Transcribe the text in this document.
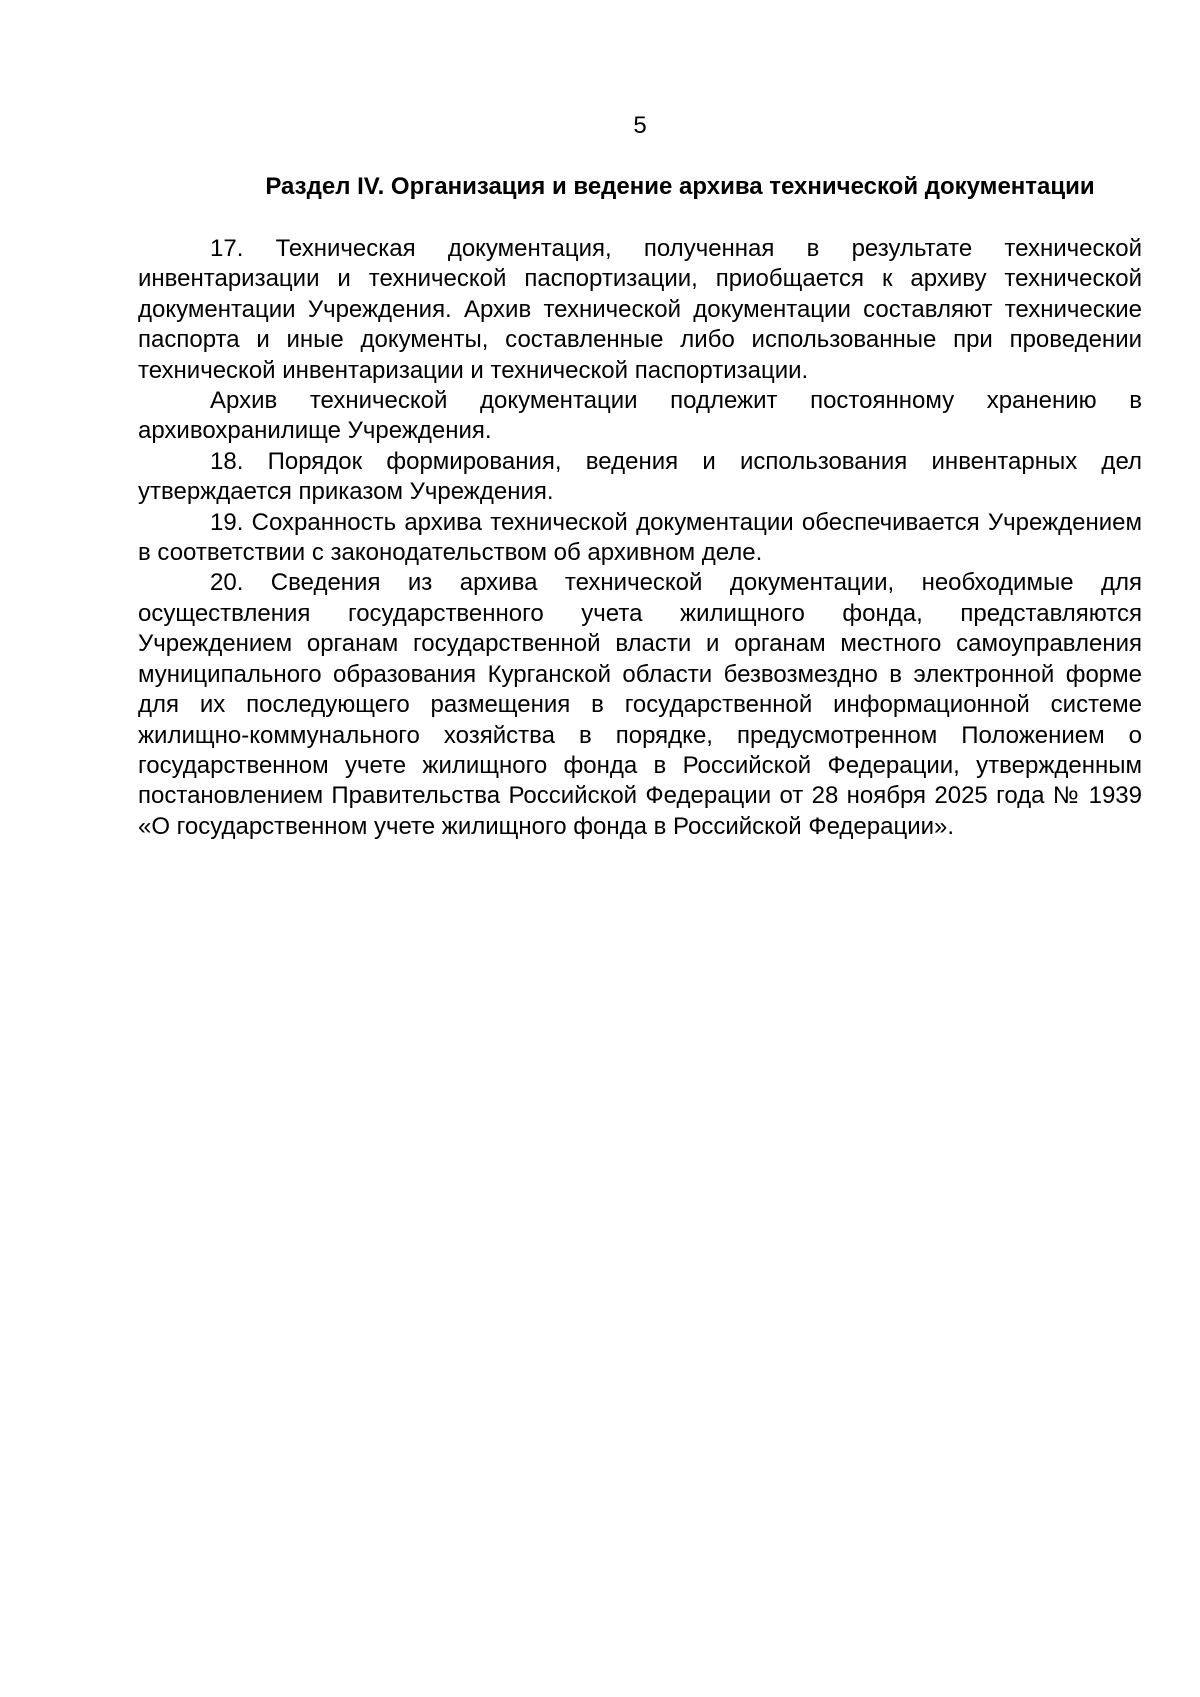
5
Раздел IV. Организация и ведение архива технической документации

17. Техническая документация, полученная в результате технической инвентаризации и технической паспортизации, приобщается к архиву технической документации Учреждения. Архив технической документации составляют технические паспорта и иные документы, составленные либо использованные при проведении технической инвентаризации и технической паспортизации.

Архив технической документации подлежит постоянному хранению в архивохранилище Учреждения.

18. Порядок формирования, ведения и использования инвентарных дел утверждается приказом Учреждения.

19. Сохранность архива технической документации обеспечивается Учреждением в соответствии с законодательством об архивном деле.

20. Сведения из архива технической документации, необходимые для осуществления государственного учета жилищного фонда, представляются Учреждением органам государственной власти и органам местного самоуправления муниципального образования Курганской области безвозмездно в электронной форме для их последующего размещения в государственной информационной системе жилищно-коммунального хозяйства в порядке, предусмотренном Положением о государственном учете жилищного фонда в Российской Федерации, утвержденным постановлением Правительства Российской Федерации от 28 ноября 2025 года № 1939 «О государственном учете жилищного фонда в Российской Федерации».
